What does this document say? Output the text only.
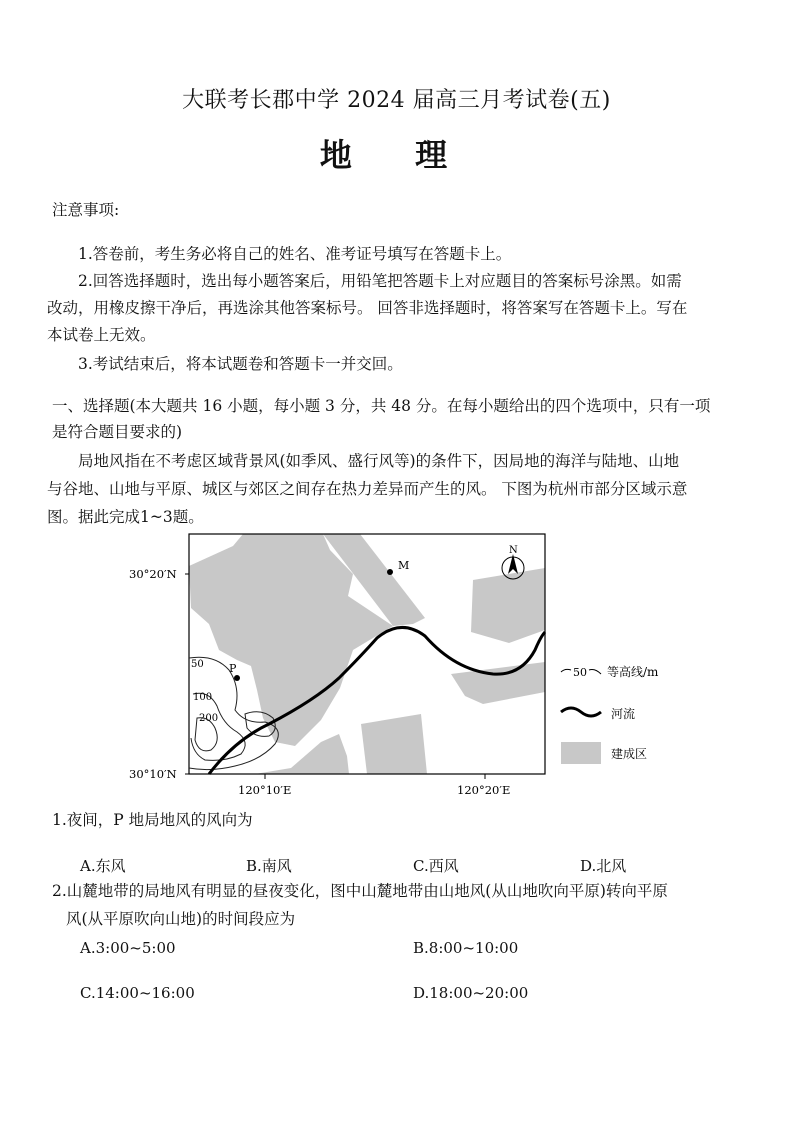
大联考长郡中学 2024 届高三月考试卷(五)
地 理
注意事项:
1.答卷前，考生务必将自己的姓名、准考证号填写在答题卡上。
2.回答选择题时，选出每小题答案后，用铅笔把答题卡上对应题目的答案标号涂黑。如需
改动，用橡皮擦干净后，再选涂其他答案标号。 回答非选择题时，将答案写在答题卡上。写在
本试卷上无效。
3.考试结束后，将本试题卷和答题卡一并交回。
一、选择题(本大题共 16 小题，每小题 3 分，共 48 分。在每小题给出的四个选项中，只有一项
是符合题目要求的)
局地风指在不考虑区域背景风(如季风、盛行风等)的条件下，因局地的海洋与陆地、山地
与谷地、山地与平原、城区与郊区之间存在热力差异而产生的风。 下图为杭州市部分区域示意
图。据此完成1~3题。
M
P
50
100
200
N
30°20′N
30°10′N
120°10′E	120°20′E
50 等高线/m
河流
建成区
1.夜间，P 地局地风的风向为
A.东风	B.南风	C.西风	D.北风
2.山麓地带的局地风有明显的昼夜变化，图中山麓地带由山地风(从山地吹向平原)转向平原
风(从平原吹向山地)的时间段应为
A.3:00~5:00	B.8:00~10:00
C.14:00~16:00	D.18:00~20:00
